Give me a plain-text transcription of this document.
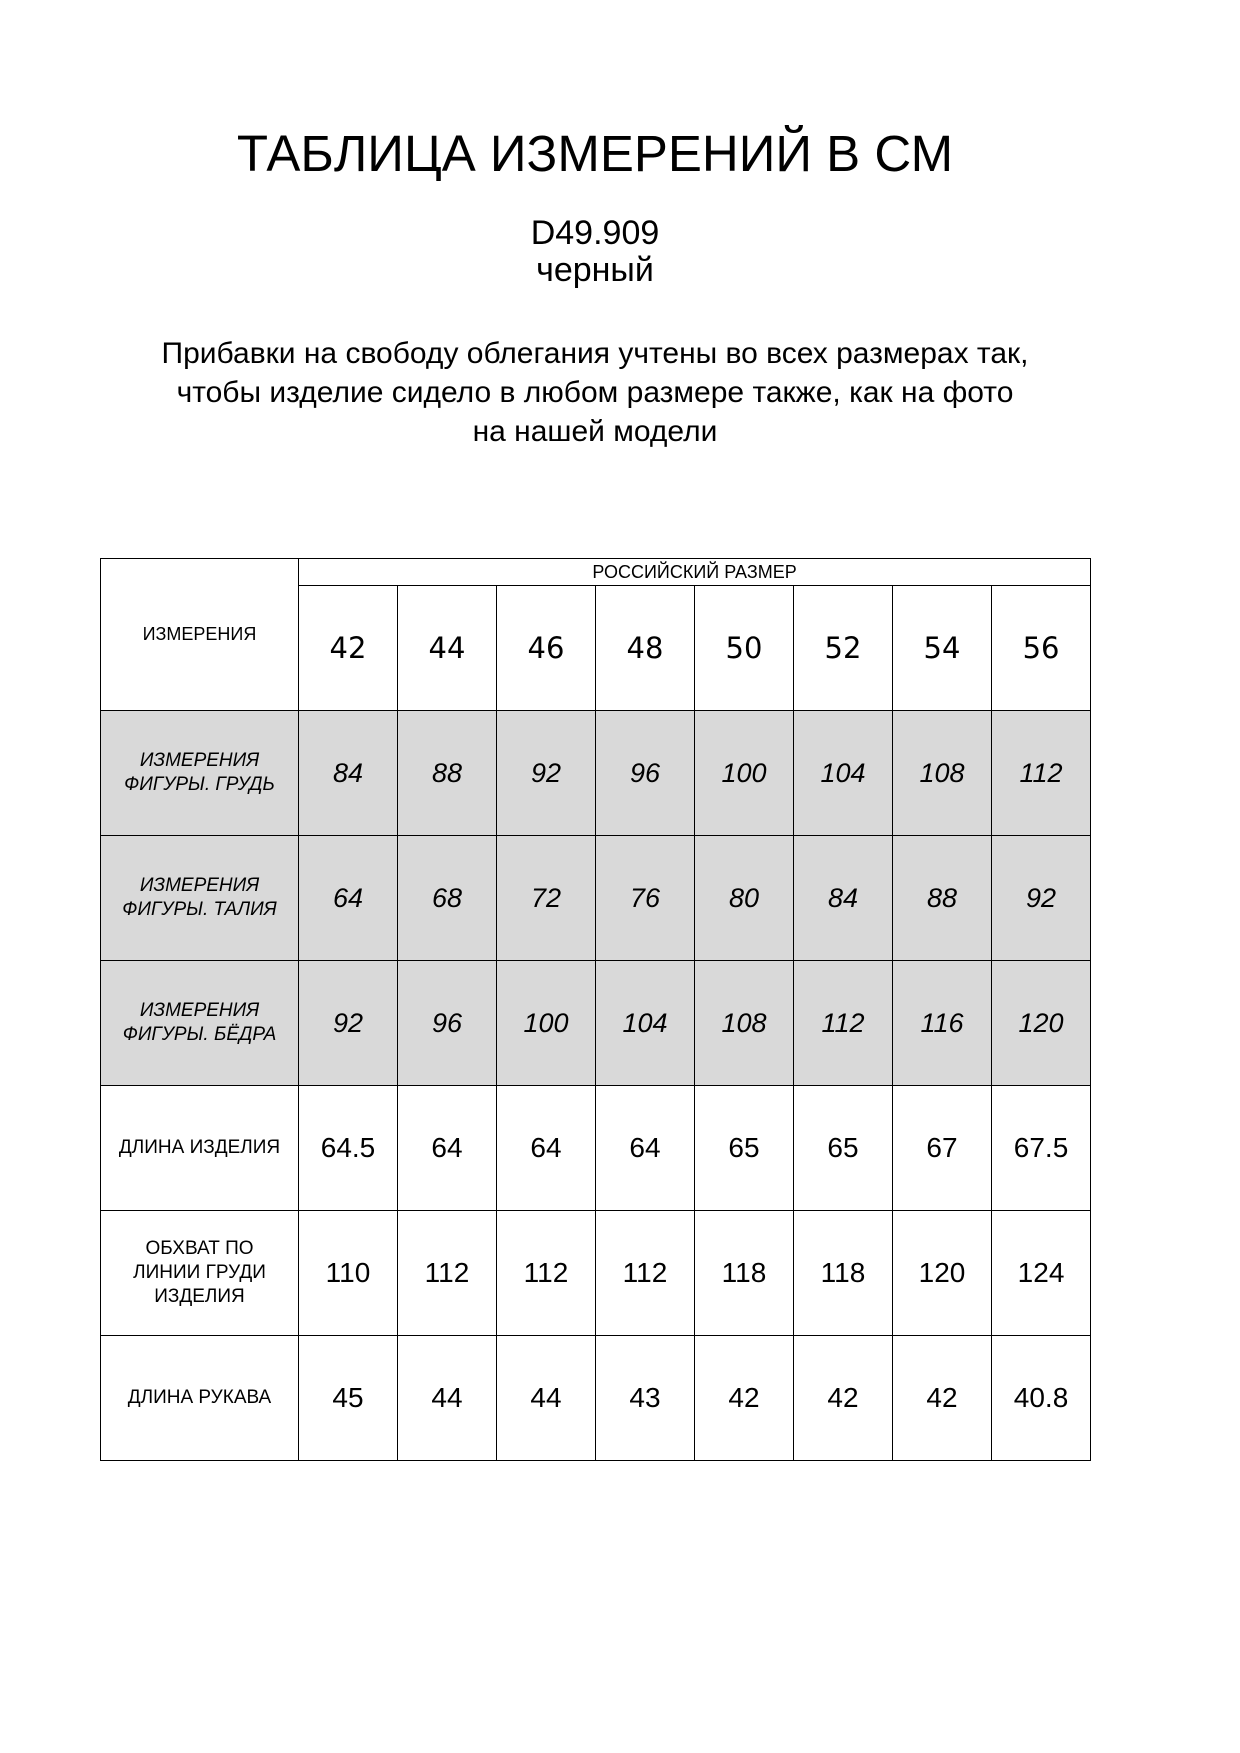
ТАБЛИЦА ИЗМЕРЕНИЙ В СМ
D49.909
черный

Прибавки на свободу облегания учтены во всех размерах так,
чтобы изделие сидело в любом размере также, как на фото
на нашей модели

ИЗМЕРЕНИЯ	РОССИЙСКИЙ РАЗМЕР							
	42	44	46	48	50	52	54	56

ИЗМЕРЕНИЯ
ФИГУРЫ. ГРУДЬ	84	88	92	96	100	104	108	112

ИЗМЕРЕНИЯ
ФИГУРЫ. ТАЛИЯ	64	68	72	76	80	84	88	92

ИЗМЕРЕНИЯ
ФИГУРЫ. БЁДРА	92	96	100	104	108	112	116	120

ДЛИНА ИЗДЕЛИЯ	64.5	64	64	64	65	65	67	67.5

ОБХВАТ ПО
ЛИНИИ ГРУДИ
ИЗДЕЛИЯ	110	112	112	112	118	118	120	124

ДЛИНА РУКАВА	45	44	44	43	42	42	42	40.8
